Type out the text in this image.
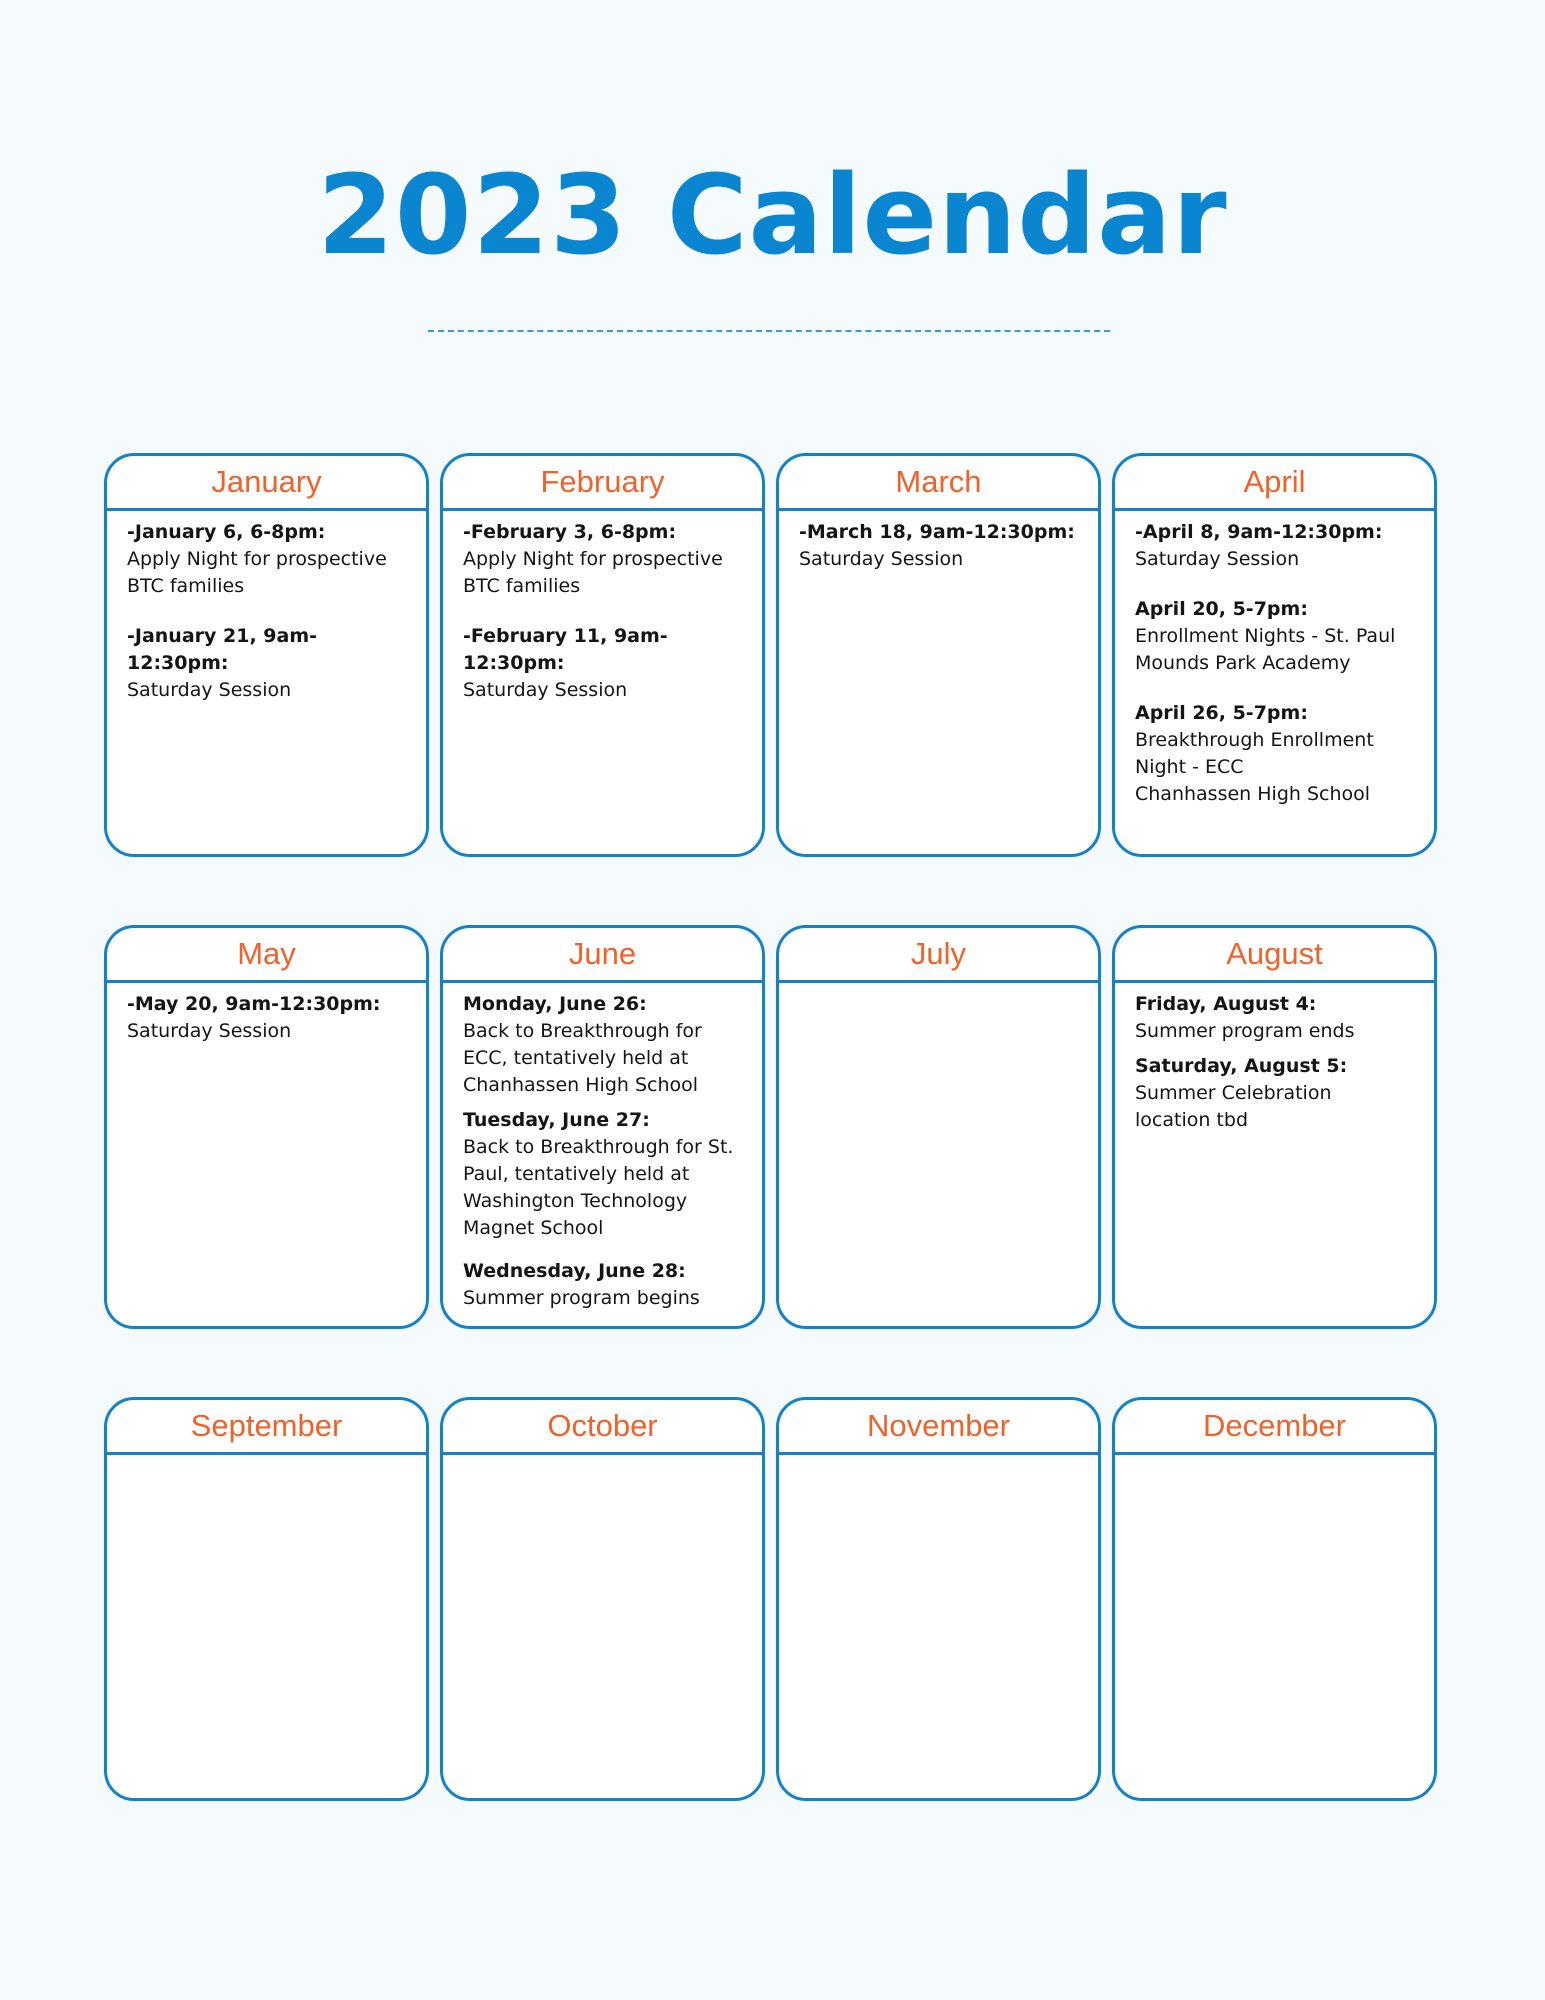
2023 Calendar
January
-January 6, 6-8pm:
Apply Night for prospective
BTC families
-January 21, 9am-12:30pm:
Saturday Session
February
-February 3, 6-8pm:
Apply Night for prospective
BTC families
-February 11, 9am-12:30pm:
Saturday Session
March
-March 18, 9am-12:30pm:
Saturday Session
April
-April 8, 9am-12:30pm:
Saturday Session
April 20, 5-7pm:
Enrollment Nights - St. Paul
Mounds Park Academy
April 26, 5-7pm:
Breakthrough Enrollment
Night - ECC
Chanhassen High School
May
-May 20, 9am-12:30pm:
Saturday Session
June
Monday, June 26:
Back to Breakthrough for
ECC, tentatively held at
Chanhassen High School
Tuesday, June 27:
Back to Breakthrough for St.
Paul, tentatively held at
Washington Technology
Magnet School
Wednesday, June 28:
Summer program begins
July	August
Friday, August 4:
Summer program ends
Saturday, August 5:
Summer Celebration
location tbd
September	October	November	December
